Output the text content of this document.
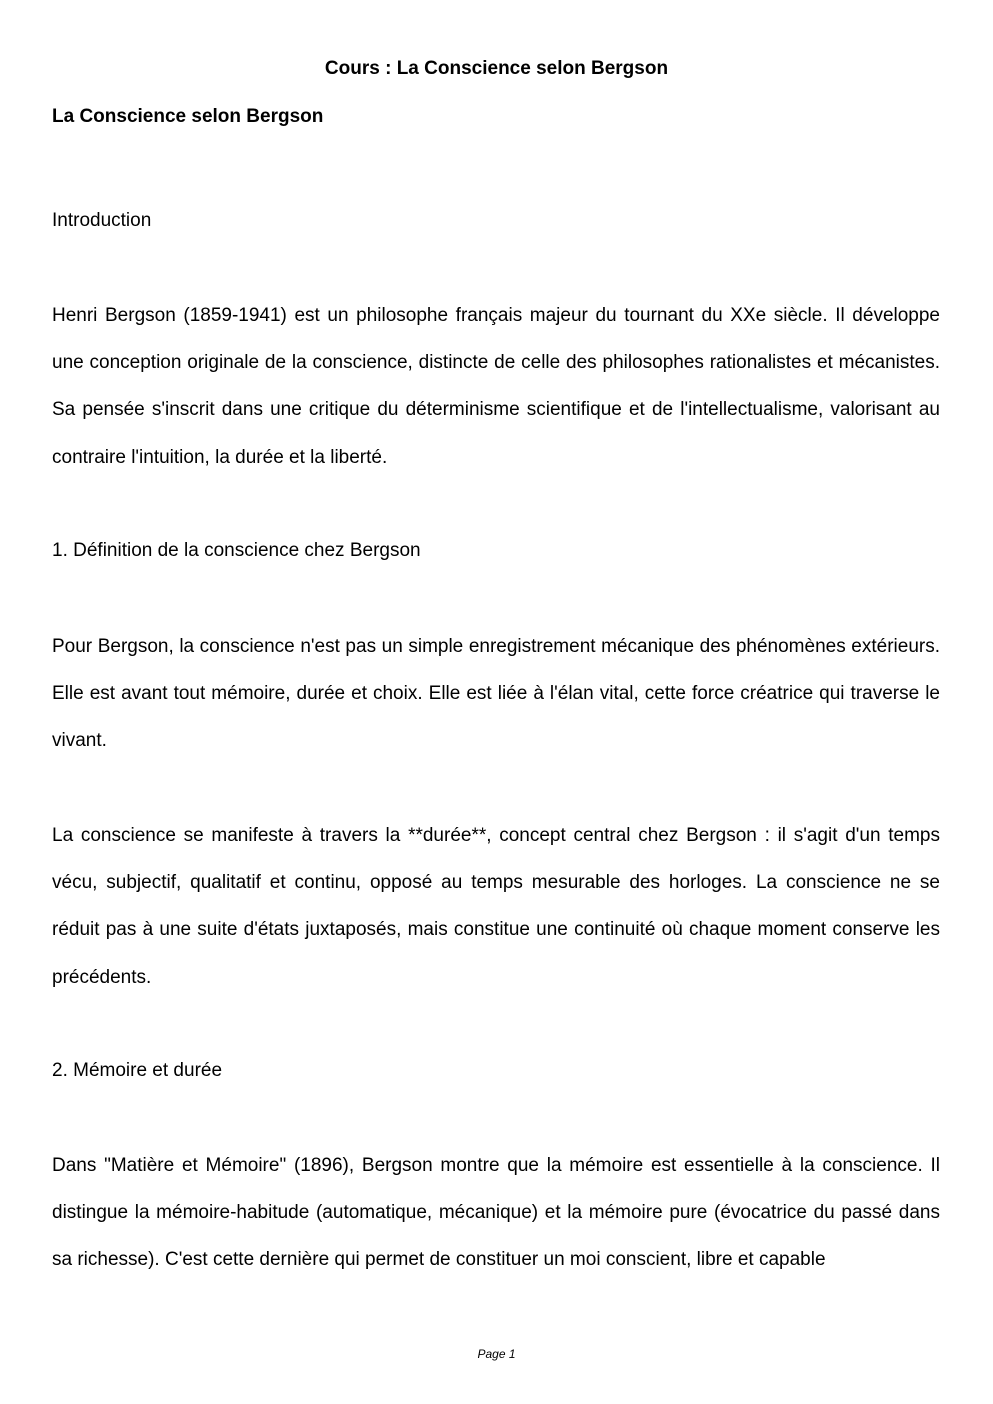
Cours : La Conscience selon Bergson
La Conscience selon Bergson
Introduction

Henri Bergson (1859-1941) est un philosophe français majeur du tournant du XXe siècle. Il développe une conception originale de la conscience, distincte de celle des philosophes rationalistes et mécanistes. Sa pensée s'inscrit dans une critique du déterminisme scientifique et de l'intellectualisme, valorisant au contraire l'intuition, la durée et la liberté.

1. Définition de la conscience chez Bergson

Pour Bergson, la conscience n'est pas un simple enregistrement mécanique des phénomènes extérieurs. Elle est avant tout mémoire, durée et choix. Elle est liée à l'élan vital, cette force créatrice qui traverse le vivant.

La conscience se manifeste à travers la **durée**, concept central chez Bergson : il s'agit d'un temps vécu, subjectif, qualitatif et continu, opposé au temps mesurable des horloges. La conscience ne se réduit pas à une suite d'états juxtaposés, mais constitue une continuité où chaque moment conserve les précédents.

2. Mémoire et durée

Dans "Matière et Mémoire" (1896), Bergson montre que la mémoire est essentielle à la conscience. Il distingue la mémoire-habitude (automatique, mécanique) et la mémoire pure (évocatrice du passé dans sa richesse). C'est cette dernière qui permet de constituer un moi conscient, libre et capable

Page 1
